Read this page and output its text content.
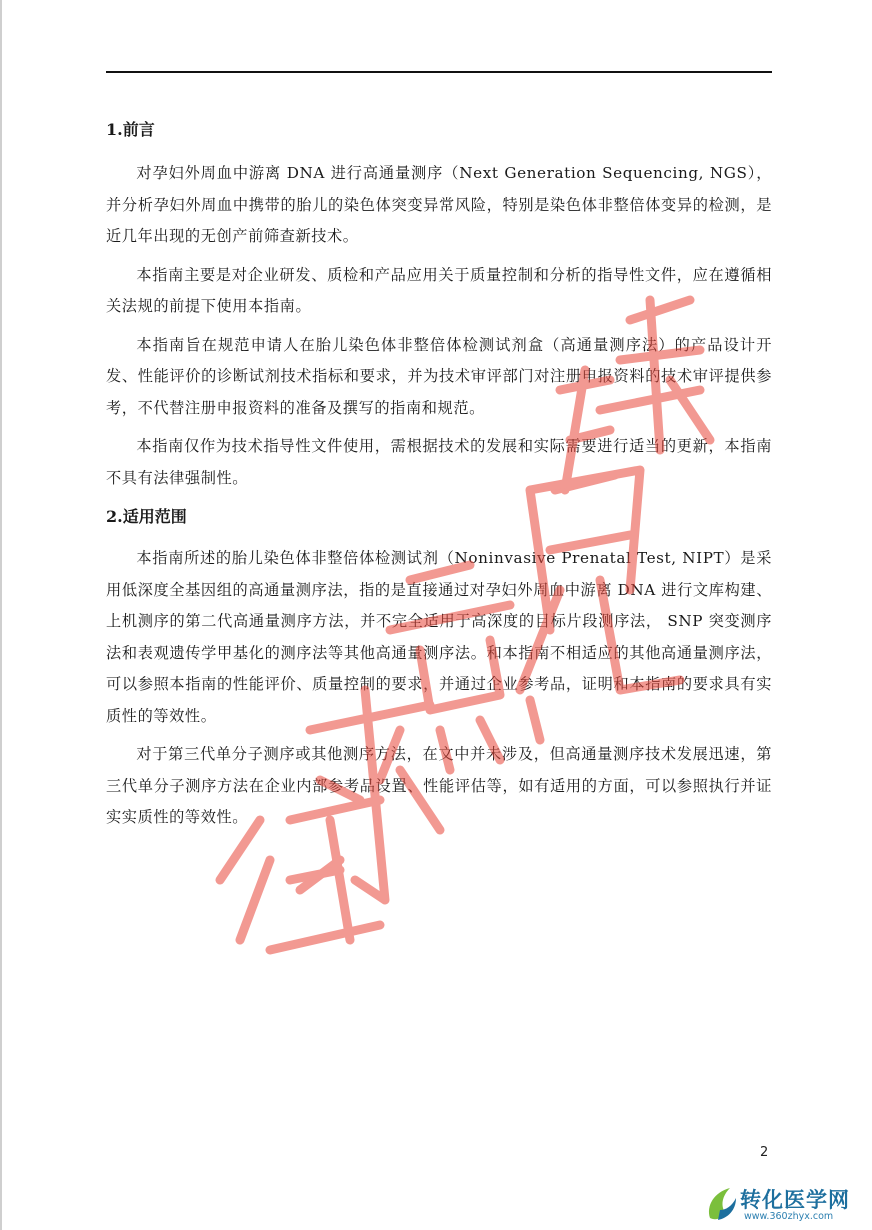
1.前言

对孕妇外周血中游离 DNA 进行高通量测序（Next Generation Sequencing, NGS），并分析孕妇外周血中携带的胎儿的染色体突变异常风险，特别是染色体非整倍体变异的检测，是近几年出现的无创产前筛查新技术。

本指南主要是对企业研发、质检和产品应用关于质量控制和分析的指导性文件，应在遵循相关法规的前提下使用本指南。

本指南旨在规范申请人在胎儿染色体非整倍体检测试剂盒（高通量测序法）的产品设计开发、性能评价的诊断试剂技术指标和要求，并为技术审评部门对注册申报资料的技术审评提供参考，不代替注册申报资料的准备及撰写的指南和规范。

本指南仅作为技术指导性文件使用，需根据技术的发展和实际需要进行适当的更新，本指南不具有法律强制性。

2.适用范围

本指南所述的胎儿染色体非整倍体检测试剂（Noninvasive Prenatal Test, NIPT）是采用低深度全基因组的高通量测序法，指的是直接通过对孕妇外周血中游离 DNA 进行文库构建、上机测序的第二代高通量测序方法，并不完全适用于高深度的目标片段测序法， SNP 突变测序法和表观遗传学甲基化的测序法等其他高通量测序法。和本指南不相适应的其他高通量测序法，可以参照本指南的性能评价、质量控制的要求，并通过企业参考品，证明和本指南的要求具有实质性的等效性。

对于第三代单分子测序或其他测序方法，在文中并未涉及，但高通量测序技术发展迅速，第三代单分子测序方法在企业内部参考品设置、性能评估等，如有适用的方面，可以参照执行并证实实质性的等效性。

2
转化医学网
www.360zhyx.com
